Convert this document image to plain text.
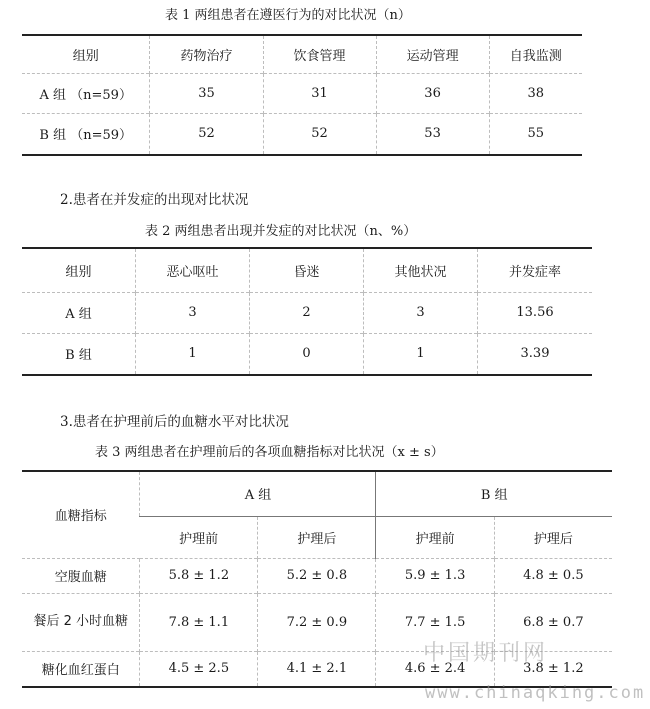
表 1 两组患者在遵医行为的对比状况（n）
组别	药物治疗	饮食管理	运动管理	自我监测
A 组 （n=59）	35	31	36	38
B 组 （n=59）	52	52	53	55
2.患者在并发症的出现对比状况
表 2 两组患者出现并发症的对比状况（n、%）
组别	恶心呕吐	昏迷	其他状况	并发症率
A 组	3	2	3	13.56
B 组	1	0	1	3.39
3.患者在护理前后的血糖水平对比状况
表 3 两组患者在护理前后的各项血糖指标对比状况（x ± s）
血糖指标	A 组		B 组	
	护理前	护理后	护理前	护理后
空腹血糖	5.8 ± 1.2	5.2 ± 0.8	5.9 ± 1.3	4.8 ± 0.5
餐后 2 小时血糖	7.8 ± 1.1	7.2 ± 0.9	7.7 ± 1.5	6.8 ± 0.7
糖化血红蛋白	4.5 ± 2.5	4.1 ± 2.1	4.6 ± 2.4	3.8 ± 1.2
中国期刊网
www.chinaqking.com
